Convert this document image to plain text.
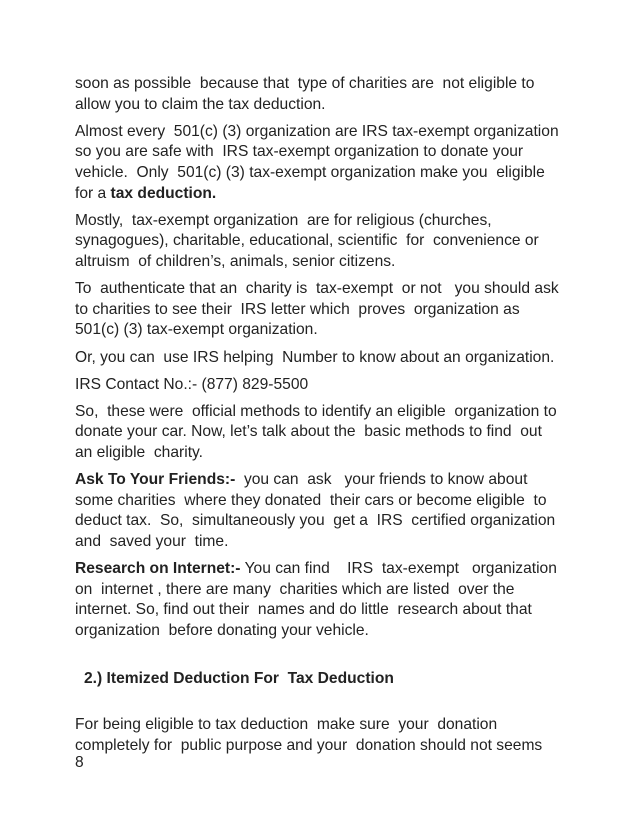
soon as possible  because that  type of charities are  not eligible to
allow you to claim the tax deduction.
Almost every  501(c) (3) organization are IRS tax-exempt organization
so you are safe with  IRS tax-exempt organization to donate your
vehicle.  Only  501(c) (3) tax-exempt organization make you  eligible
for a tax deduction.
Mostly,  tax-exempt organization  are for religious (churches,
synagogues), charitable, educational, scientific  for  convenience or
altruism  of children’s, animals, senior citizens.
To  authenticate that an  charity is  tax-exempt  or not   you should ask
to charities to see their  IRS letter which  proves  organization as
501(c) (3) tax-exempt organization.
Or, you can  use IRS helping  Number to know about an organization.
IRS Contact No.:- (877) 829-5500
So,  these were  official methods to identify an eligible  organization to
donate your car. Now, let’s talk about the  basic methods to find  out
an eligible  charity.
Ask To Your Friends:-  you can  ask   your friends to know about
some charities  where they donated  their cars or become eligible  to
deduct tax.  So,  simultaneously you  get a  IRS  certified organization
and  saved your  time.
Research on Internet:- You can find    IRS  tax-exempt   organization
on  internet , there are many  charities which are listed  over the
internet. So, find out their  names and do little  research about that
organization  before donating your vehicle.
2.) Itemized Deduction For  Tax Deduction
For being eligible to tax deduction  make sure  your  donation
completely for  public purpose and your  donation should not seems
8
